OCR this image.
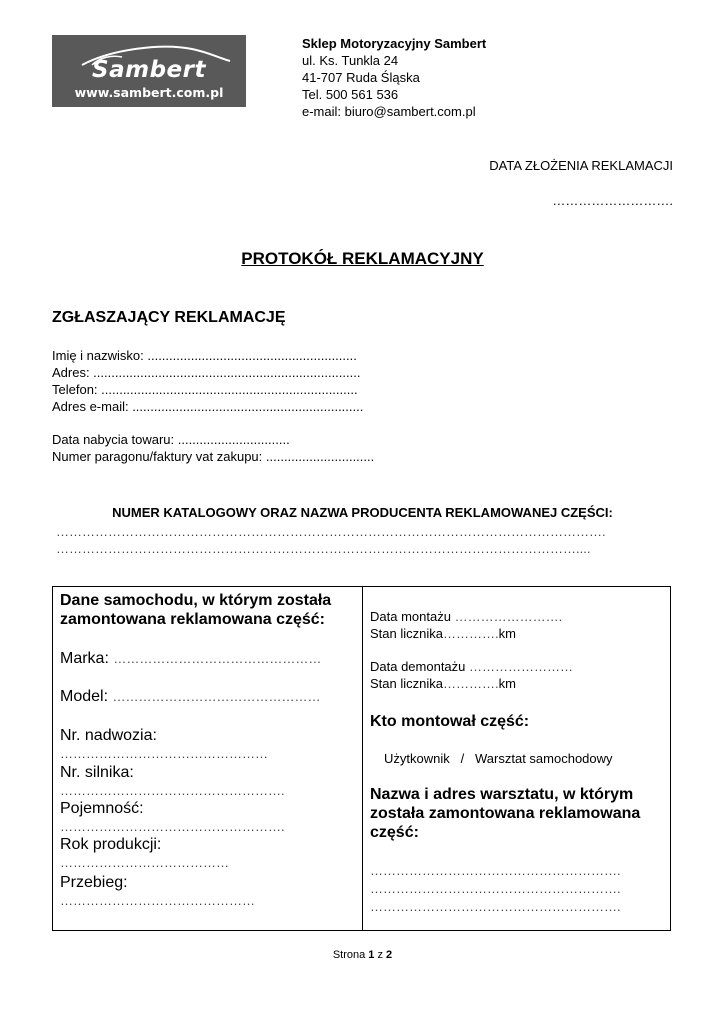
Sambert
www.sambert.com.pl
Sklep Motoryzacyjny Sambert
ul. Ks. Tunkla 24
41-707 Ruda Śląska
Tel. 500 561 536
e-mail: biuro@sambert.com.pl
DATA ZŁOŻENIA REKLAMACJI
……………………….
PROTOKÓŁ REKLAMACYJNY
ZGŁASZAJĄCY REKLAMACJĘ
Imię i nazwisko: ..........................................................
Adres: ..........................................................................
Telefon: .......................................................................
Adres e-mail: ................................................................
Data nabycia towaru: ...............................
Numer paragonu/faktury vat zakupu: ..............................
NUMER KATALOGOWY ORAZ NAZWA PRODUCENTA REKLAMOWANEJ CZĘŚCI:
……………………………………………………………………………………………………………….
…………………………………………………………………………………………………………....
Dane samochodu, w którym została
zamontowana reklamowana część:
Marka: …………………………………………
Model: …………………………………………
Nr. nadwozia:
…………………………………………
Nr. silnika:
…………………………………………….
Pojemność:
…………………………………………….
Rok produkcji:
…………………………………
Przebieg:
………………………………………
Data montażu …………………….
Stan licznika………….km
Data demontażu ……………………
Stan licznika………….km
Kto montował część:
Użytkownik   /   Warsztat samochodowy
Nazwa i adres warsztatu, w którym
została zamontowana reklamowana
część:
………………………………………………….
………………………………………………….
………………………………………………….
Strona 1 z 2
